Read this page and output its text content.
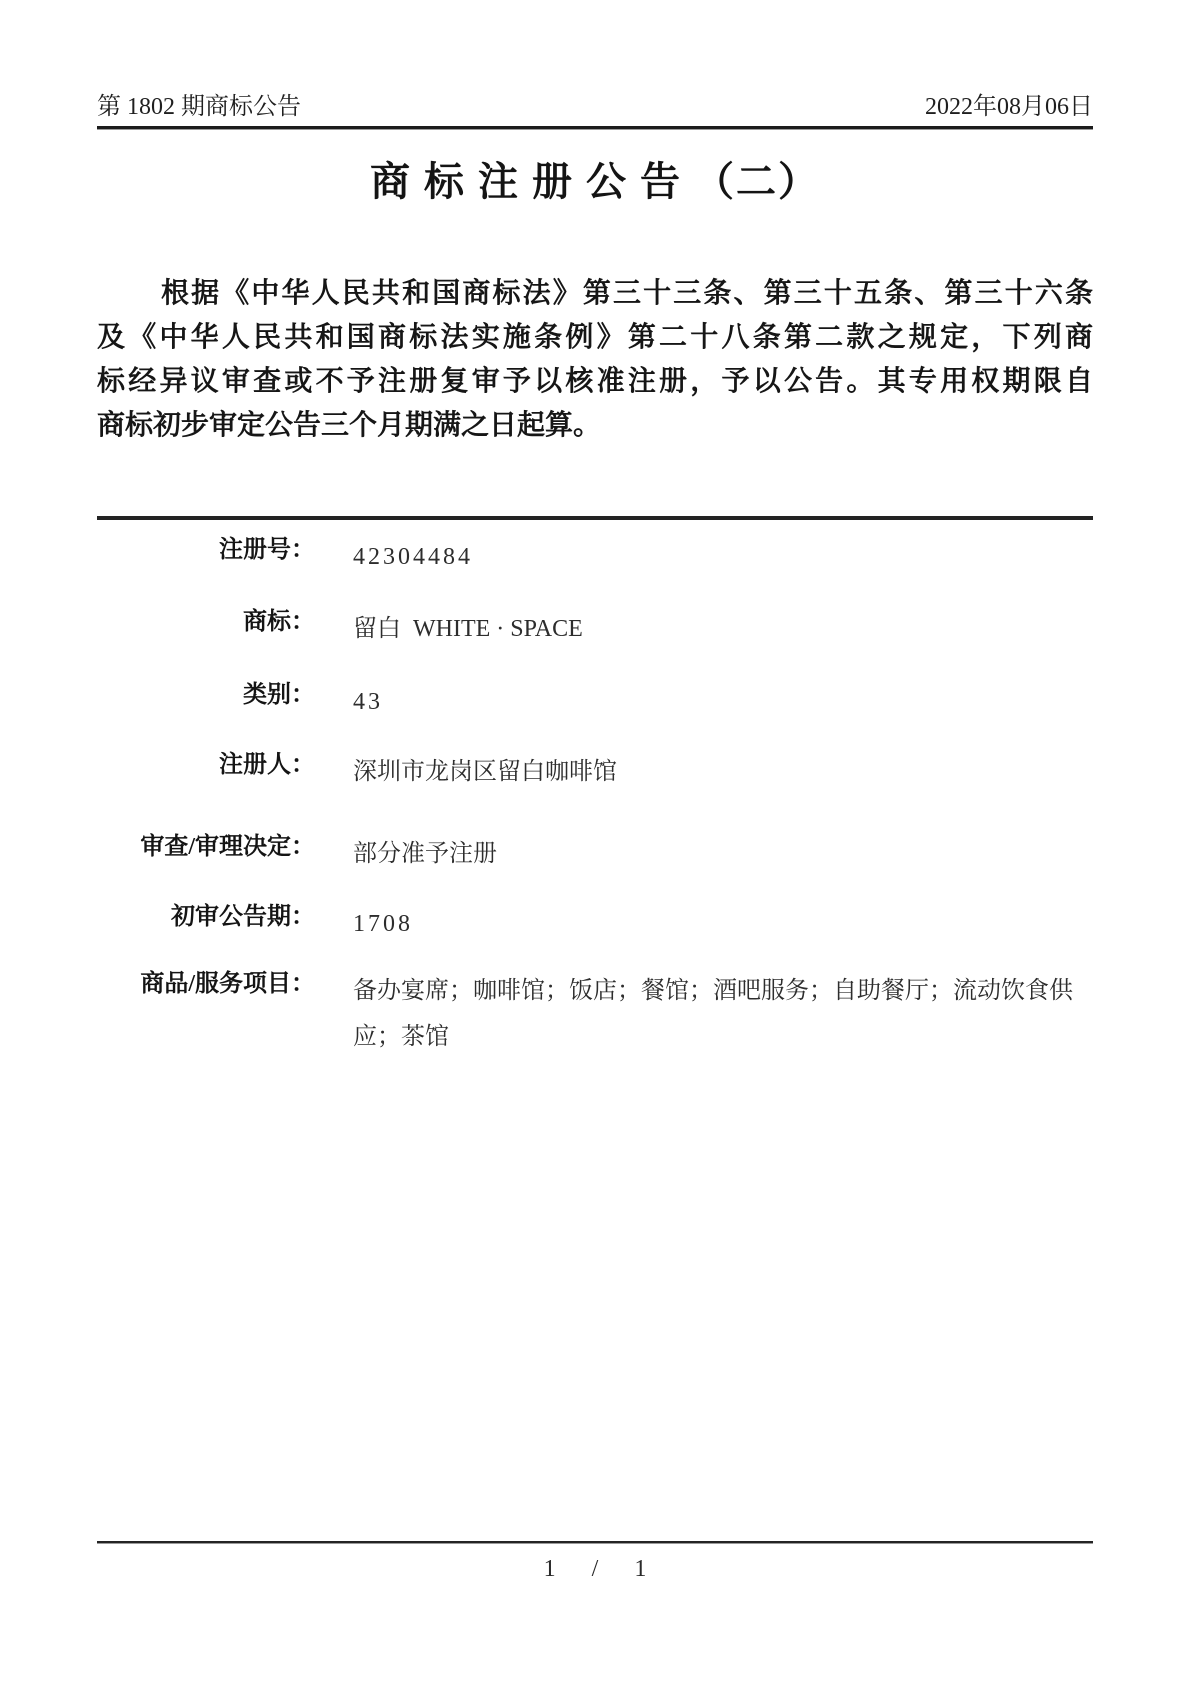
第 1802 期商标公告	2022年08月06日
商 标 注 册 公 告 （二）
根据《中华人民共和国商标法》第三十三条、第三十五条、第三十六条
及《中华人民共和国商标法实施条例》第二十八条第二款之规定，下列商
标经异议审查或不予注册复审予以核准注册，予以公告。其专用权期限自
商标初步审定公告三个月期满之日起算。
注册号： 42304484
商标： 留白  WHITE · SPACE
类别： 43
注册人： 深圳市龙岗区留白咖啡馆
审查/审理决定： 部分准予注册
初审公告期： 1708
商品/服务项目： 备办宴席；咖啡馆；饭店；餐馆；酒吧服务；自助餐厅；流动饮食供应；茶馆
1 / 1
